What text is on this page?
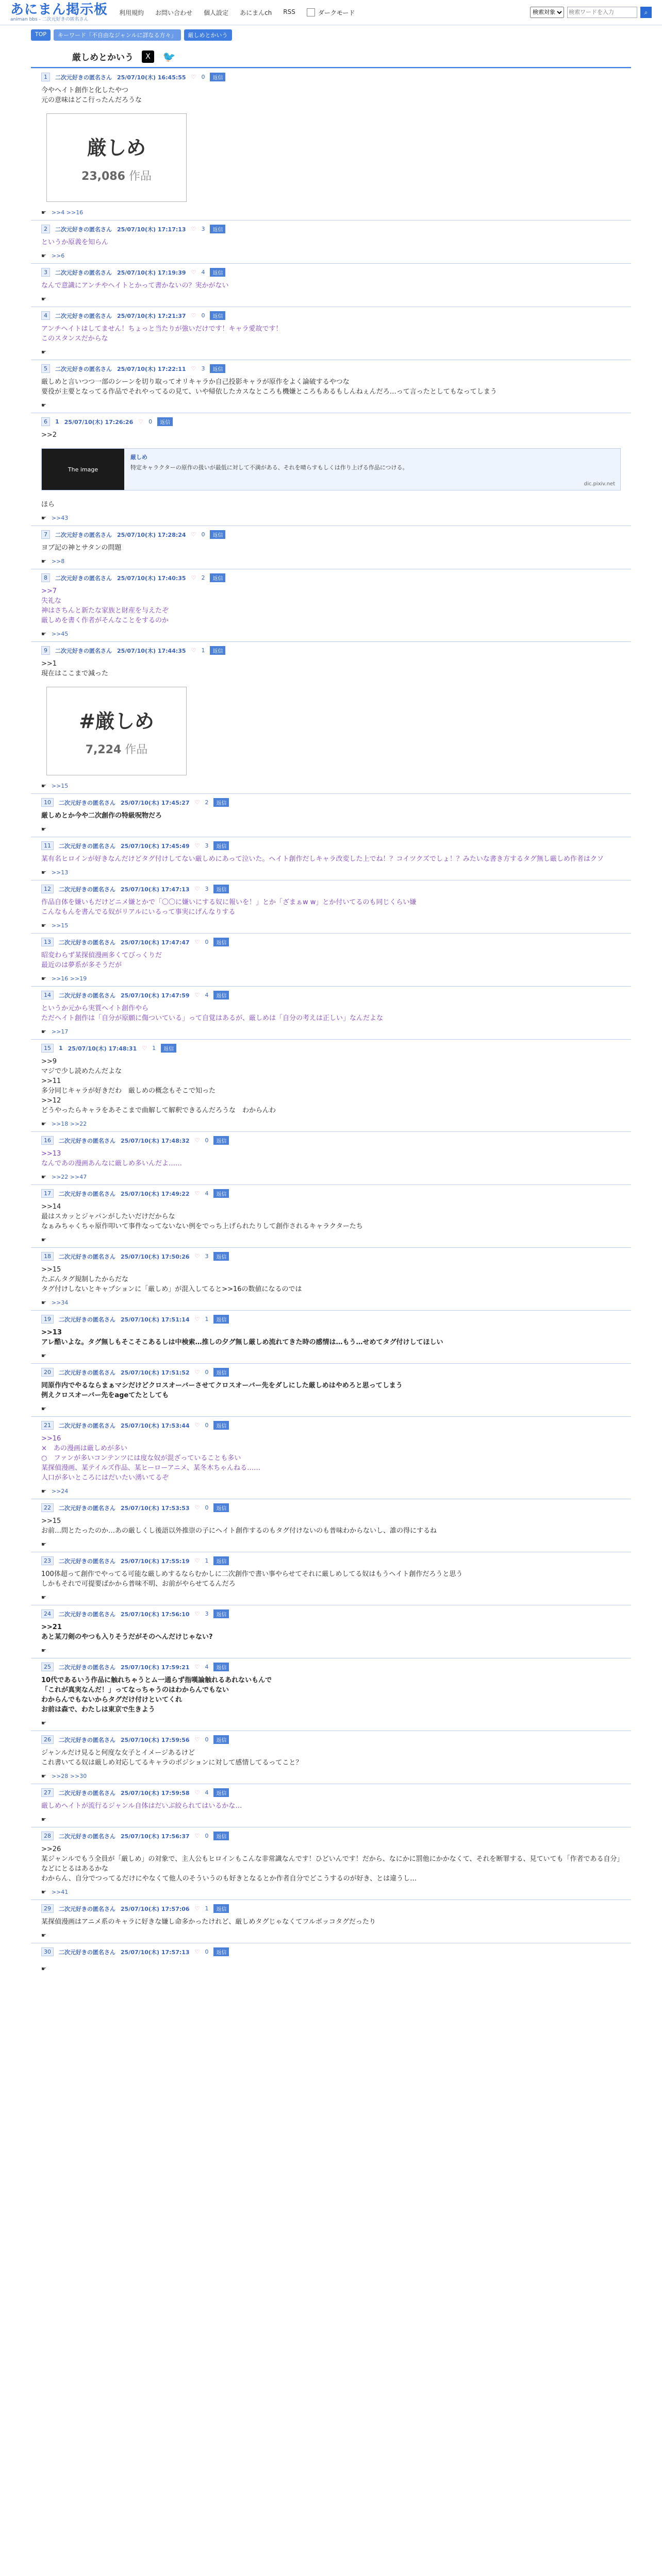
あにまん掲示板
animan bbs - 二次元好きの匿名さん
利用規約 お問い合わせ 個人設定 あにまんch RSS	ダークモード
検索対象
検索ワードを入力	⌕
TOP	キーワード「不自由なジャンルに詳なる方々」	厳しめとかいう
厳しめとかいう	X	🐦
1	二次元好きの匿名さん 25/07/10(木) 16:45:55 ♡ 0	返信
今やヘイト創作と化したやつ
元の意味はどこ行ったんだろうな
厳しめ
23,086 作品
☛ >>4 >>16
2	二次元好きの匿名さん 25/07/10(木) 17:17:13 ♡ 3	返信
というか原義を知らん
☛ >>6
3	二次元好きの匿名さん 25/07/10(木) 17:19:39 ♡ 4	返信
なんで意識にアンチやヘイトとかって書かないの？実かがない
☛
4	二次元好きの匿名さん 25/07/10(木) 17:21:37 ♡ 0	返信
アンチヘイトはしてません！ちょっと当たりが強いだけです！キャラ愛故です！
このスタンスだからな
☛
5	二次元好きの匿名さん 25/07/10(木) 17:22:11 ♡ 3	返信
厳しめと言いつつ一部のシーンを切り取ってオリキャラか自己投影キャラが原作をよく論破するやつな
要役が主要となってる作品でそれやってるの見て、いや帰依したカスなところも機嫌ところもあるもしんねぇんだろ…って言ったとしてもなってしまう
☛
6	1 25/07/10(木) 17:26:26 ♡ 0	返信
>>2

The image
厳しめ
特定キャラクターの原作の扱いが最低に対して不満がある、それを晴らすもしくは作り上げる作品につける。
dic.pixiv.net
ほら
☛ >>43
7	二次元好きの匿名さん 25/07/10(木) 17:28:24 ♡ 0	返信
ヨブ記の神とサタンの問題
☛ >>8
8	二次元好きの匿名さん 25/07/10(木) 17:40:35 ♡ 2	返信
>>7
失礼な
神はさちんと新たな家族と財産を与えたぞ
厳しめを書く作者がそんなことをするのか
☛ >>45
9	二次元好きの匿名さん 25/07/10(木) 17:44:35 ♡ 1	返信
>>1
現在はここまで減った
#厳しめ
7,224 作品
☛ >>15
10	二次元好きの匿名さん 25/07/10(木) 17:45:27 ♡ 2	返信
厳しめとか今や二次創作の特級呪物だろ
☛
11	二次元好きの匿名さん 25/07/10(木) 17:45:49 ♡ 3	返信
某有名ヒロインが好きなんだけどタグ付けしてない厳しめにあって泣いた。ヘイト創作だしキャラ改変した上でね！？コイツクズでしょ！？みたいな書き方するタグ無し厳しめ作者はクソ
☛ >>13
12	二次元好きの匿名さん 25/07/10(木) 17:47:13 ♡ 3	返信
作品自体を嫌いもだけどニメ嫌とかで「〇〇に嫌いにする奴に報いを！」とか「ざまぁw w」とか付いてるのも同じくらい嫌
こんなもんを書んでる奴がリアルにいるって事実にげんなりする
☛ >>15
13	二次元好きの匿名さん 25/07/10(木) 17:47:47 ♡ 0	返信
昭変わらず某探偵漫画多くてびっくりだ
最近のは夢系が多そうだが
☛ >>16 >>19
14	二次元好きの匿名さん 25/07/10(木) 17:47:59 ♡ 4	返信
というか元から実質ヘイト創作やら
ただヘイト創作は「自分が原願に傷ついている」って自覚はあるが、厳しめは「自分の考えは正しい」なんだよな
☛ >>17
15	1 25/07/10(木) 17:48:31 ♡ 1	返信
>>9
マジで少し読めたんだよな
>>11
多分同じキャラが好きだわ　厳しめの概念もそこで知った
>>12
どうやったらキャラをあそこまで曲解して解釈できるんだろうな　わからんわ
☛ >>18 >>22
16	二次元好きの匿名さん 25/07/10(木) 17:48:32 ♡ 0	返信
>>13
なんであの漫画あんなに厳しめ多いんだよ……
☛ >>22 >>47
17	二次元好きの匿名さん 25/07/10(木) 17:49:22 ♡ 4	返信
>>14
最はスカッとジャパンがしたいだけだからな
なぁみちゃくちゃ原作叩いて事件なってないない例をでっち上げられたりして創作されるキャラクターたち
☛
18	二次元好きの匿名さん 25/07/10(木) 17:50:26 ♡ 3	返信
>>15
たぶんタグ規制したからだな
タグ付けしないとキャプションに「厳しめ」が混入してると>>16の数値になるのでは
☛ >>34
19	二次元好きの匿名さん 25/07/10(木) 17:51:14 ♡ 1	返信
>>13
アレ酷いよな。タグ無しもそこそこあるしは中検索…推しの夕グ無し厳しめ流れてきた時の感情は…もう…せめてタグ付けしてほしい
☛
20	二次元好きの匿名さん 25/07/10(木) 17:51:52 ♡ 0	返信
同原作内でやるならまぁマシだけどクロスオーバーさせてクロスオーバー先をダしにした厳しめはやめろと思ってしまう
例えクロスオーバー先をageてたとしても
☛
21	二次元好きの匿名さん 25/07/10(木) 17:53:44 ♡ 0	返信
>>16
×　あの漫画は厳しめが多い
○　ファンが多いコンテンツには度な奴が混ざっていることも多い
某探偵漫画、某テイルズ作品、某ヒーローアニメ、某冬木ちゃんねる……
人口が多いところにはだいたい湧いてるぞ
☛ >>24
22	二次元好きの匿名さん 25/07/10(木) 17:53:53 ♡ 0	返信
>>15
お前…問とたったのか…あの厳しくし後語以外推崇の子にヘイト創作するのもタグ付けないのも普味わからないし、誰の得にするね
☛
23	二次元好きの匿名さん 25/07/10(木) 17:55:19 ♡ 1	返信
100体超って創作でやってる可能な厳しめするならむかしに二次創作で書い事やらせてそれに厳しめしてる奴はもうヘイト創作だろうと思う
しかもそれで可提要ばかから普味不明、お前がやらせてるんだろ
☛
24	二次元好きの匿名さん 25/07/10(木) 17:56:10 ♡ 3	返信
>>21
あと某刀剣のやつも入りそうだがそのへんだけじゃない?
☛
25	二次元好きの匿名さん 25/07/10(木) 17:59:21 ♡ 4	返信
10代であるいう作品に触れちゃうとム一通らず指嘆論触れるあれないもんで
「これが真実なんだ！」ってなっちゃうのはわからんでもない
わからんでもないからタグだけ付けといてくれ
お前は森で、わたしは東京で生きよう
☛
26	二次元好きの匿名さん 25/07/10(木) 17:59:56 ♡ 0	返信
ジャンルだけ見ると何度な女子とイメージあるけど
これ書いてる奴は厳しめ対応してるキャラのポジションに対して感情してるってこと？
☛ >>28 >>30
27	二次元好きの匿名さん 25/07/10(木) 17:59:58 ♡ 4	返信
厳しめヘイトが流行るジャンル自体はだいぶ絞られてはいるかな…
☛
28	二次元好きの匿名さん 25/07/10(木) 17:56:37 ♡ 0	返信
>>26
某ジャンルでもう全員が「厳しめ」の対象で、主人公もヒロインもこんな非常識なんです！ひどいんです！だから、なにかに罰他にかかなくて、それを断罪する、見ていても「作者である自分」などにとるはあるかな
わからん、自分でつってるだけにやなくて他人のそういうのも好きとなるとか作者自分でどこうするのが好き、とは違うし…
☛ >>41
29	二次元好きの匿名さん 25/07/10(木) 17:57:06 ♡ 1	返信
某探偵漫画はアニメ系のキャラに好きな嫌し命多かったけれど、厳しめタグじゃなくてフルボッコタグだったり
☛
30	二次元好きの匿名さん 25/07/10(木) 17:57:13 ♡ 0	返信
☛
